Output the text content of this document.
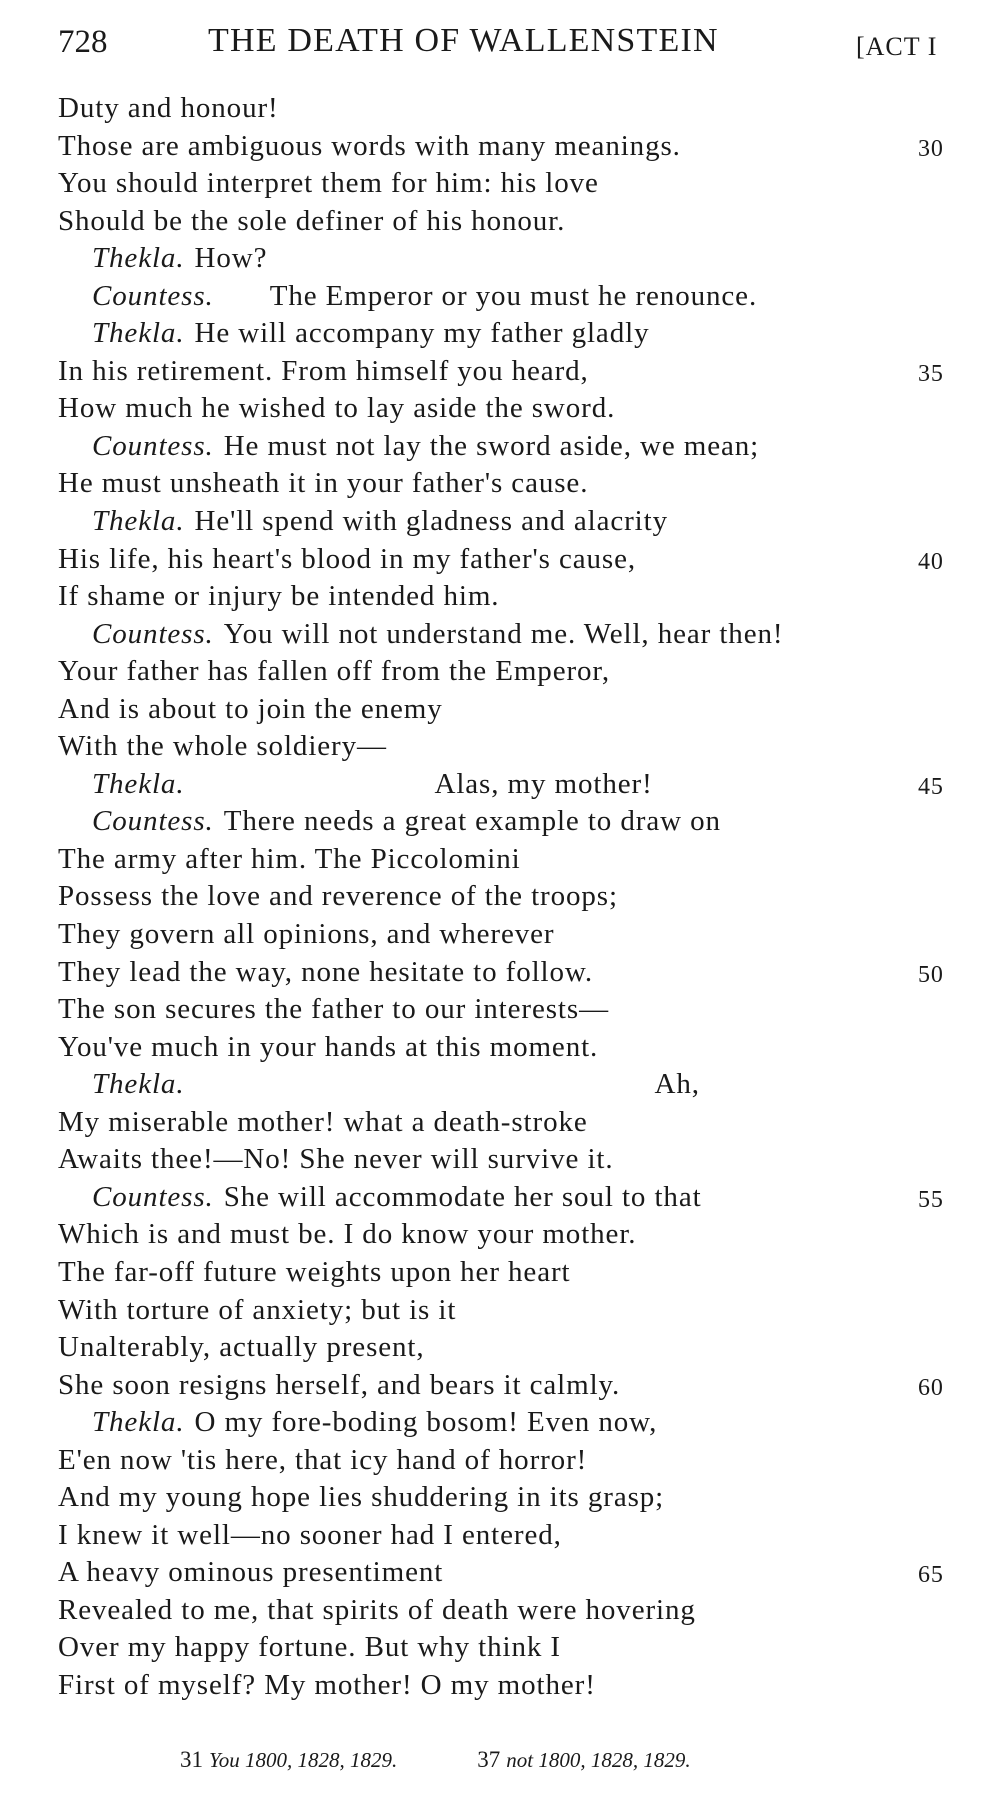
728	THE DEATH OF WALLENSTEIN	[ACT I
Duty and honour!
Those are ambiguous words with many meanings.	30
You should interpret them for him: his love
Should be the sole definer of his honour.
Thekla. How?
Countess. The Emperor or you must he renounce.
Thekla. He will accompany my father gladly
In his retirement. From himself you heard,	35
How much he wished to lay aside the sword.
Countess. He must not lay the sword aside, we mean;
He must unsheath it in your father's cause.
Thekla. He'll spend with gladness and alacrity
His life, his heart's blood in my father's cause,	40
If shame or injury be intended him.
Countess. You will not understand me. Well, hear then!
Your father has fallen off from the Emperor,
And is about to join the enemy
With the whole soldiery—
Thekla.	Alas, my mother!	45
Countess. There needs a great example to draw on
The army after him. The Piccolomini
Possess the love and reverence of the troops;
They govern all opinions, and wherever
They lead the way, none hesitate to follow.	50
The son secures the father to our interests—
You've much in your hands at this moment.
Thekla.	Ah,
My miserable mother! what a death-stroke
Awaits thee!—No! She never will survive it.
Countess. She will accommodate her soul to that	55
Which is and must be. I do know your mother.
The far-off future weights upon her heart
With torture of anxiety; but is it
Unalterably, actually present,
She soon resigns herself, and bears it calmly.	60
Thekla. O my fore-boding bosom! Even now,
E'en now 'tis here, that icy hand of horror!
And my young hope lies shuddering in its grasp;
I knew it well—no sooner had I entered,
A heavy ominous presentiment	65
Revealed to me, that spirits of death were hovering
Over my happy fortune. But why think I
First of myself? My mother! O my mother!
31 You 1800, 1828, 1829.	37 not 1800, 1828, 1829.
